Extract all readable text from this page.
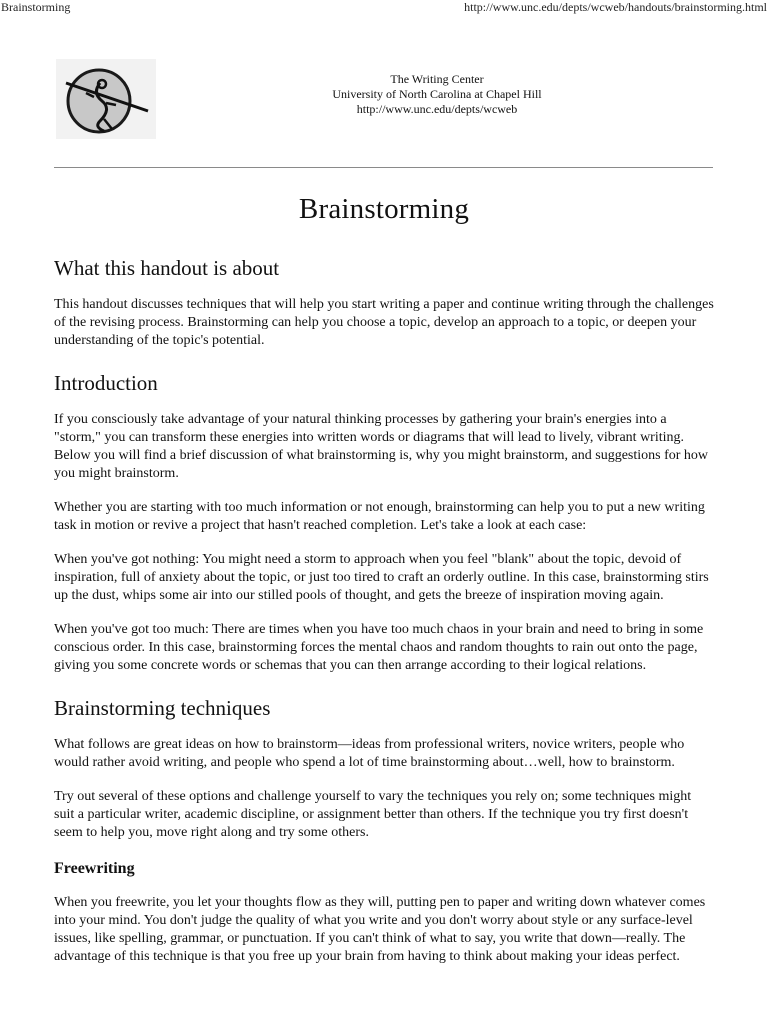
Brainstorming	http://www.unc.edu/depts/wcweb/handouts/brainstorming.html
The Writing Center
University of North Carolina at Chapel Hill
http://www.unc.edu/depts/wcweb
Brainstorming
What this handout is about

This handout discusses techniques that will help you start writing a paper and continue writing through the challenges of the revising process. Brainstorming can help you choose a topic, develop an approach to a topic, or deepen your understanding of the topic's potential.

Introduction

If you consciously take advantage of your natural thinking processes by gathering your brain's energies into a "storm," you can transform these energies into written words or diagrams that will lead to lively, vibrant writing. Below you will find a brief discussion of what brainstorming is, why you might brainstorm, and suggestions for how you might brainstorm.

Whether you are starting with too much information or not enough, brainstorming can help you to put a new writing task in motion or revive a project that hasn't reached completion. Let's take a look at each case:

When you've got nothing: You might need a storm to approach when you feel "blank" about the topic, devoid of inspiration, full of anxiety about the topic, or just too tired to craft an orderly outline. In this case, brainstorming stirs up the dust, whips some air into our stilled pools of thought, and gets the breeze of inspiration moving again.

When you've got too much: There are times when you have too much chaos in your brain and need to bring in some conscious order. In this case, brainstorming forces the mental chaos and random thoughts to rain out onto the page, giving you some concrete words or schemas that you can then arrange according to their logical relations.

Brainstorming techniques

What follows are great ideas on how to brainstorm—ideas from professional writers, novice writers, people who would rather avoid writing, and people who spend a lot of time brainstorming about…well, how to brainstorm.

Try out several of these options and challenge yourself to vary the techniques you rely on; some techniques might suit a particular writer, academic discipline, or assignment better than others. If the technique you try first doesn't seem to help you, move right along and try some others.

Freewriting

When you freewrite, you let your thoughts flow as they will, putting pen to paper and writing down whatever comes into your mind. You don't judge the quality of what you write and you don't worry about style or any surface-level issues, like spelling, grammar, or punctuation. If you can't think of what to say, you write that down—really. The advantage of this technique is that you free up your brain from having to think about making your ideas perfect.
